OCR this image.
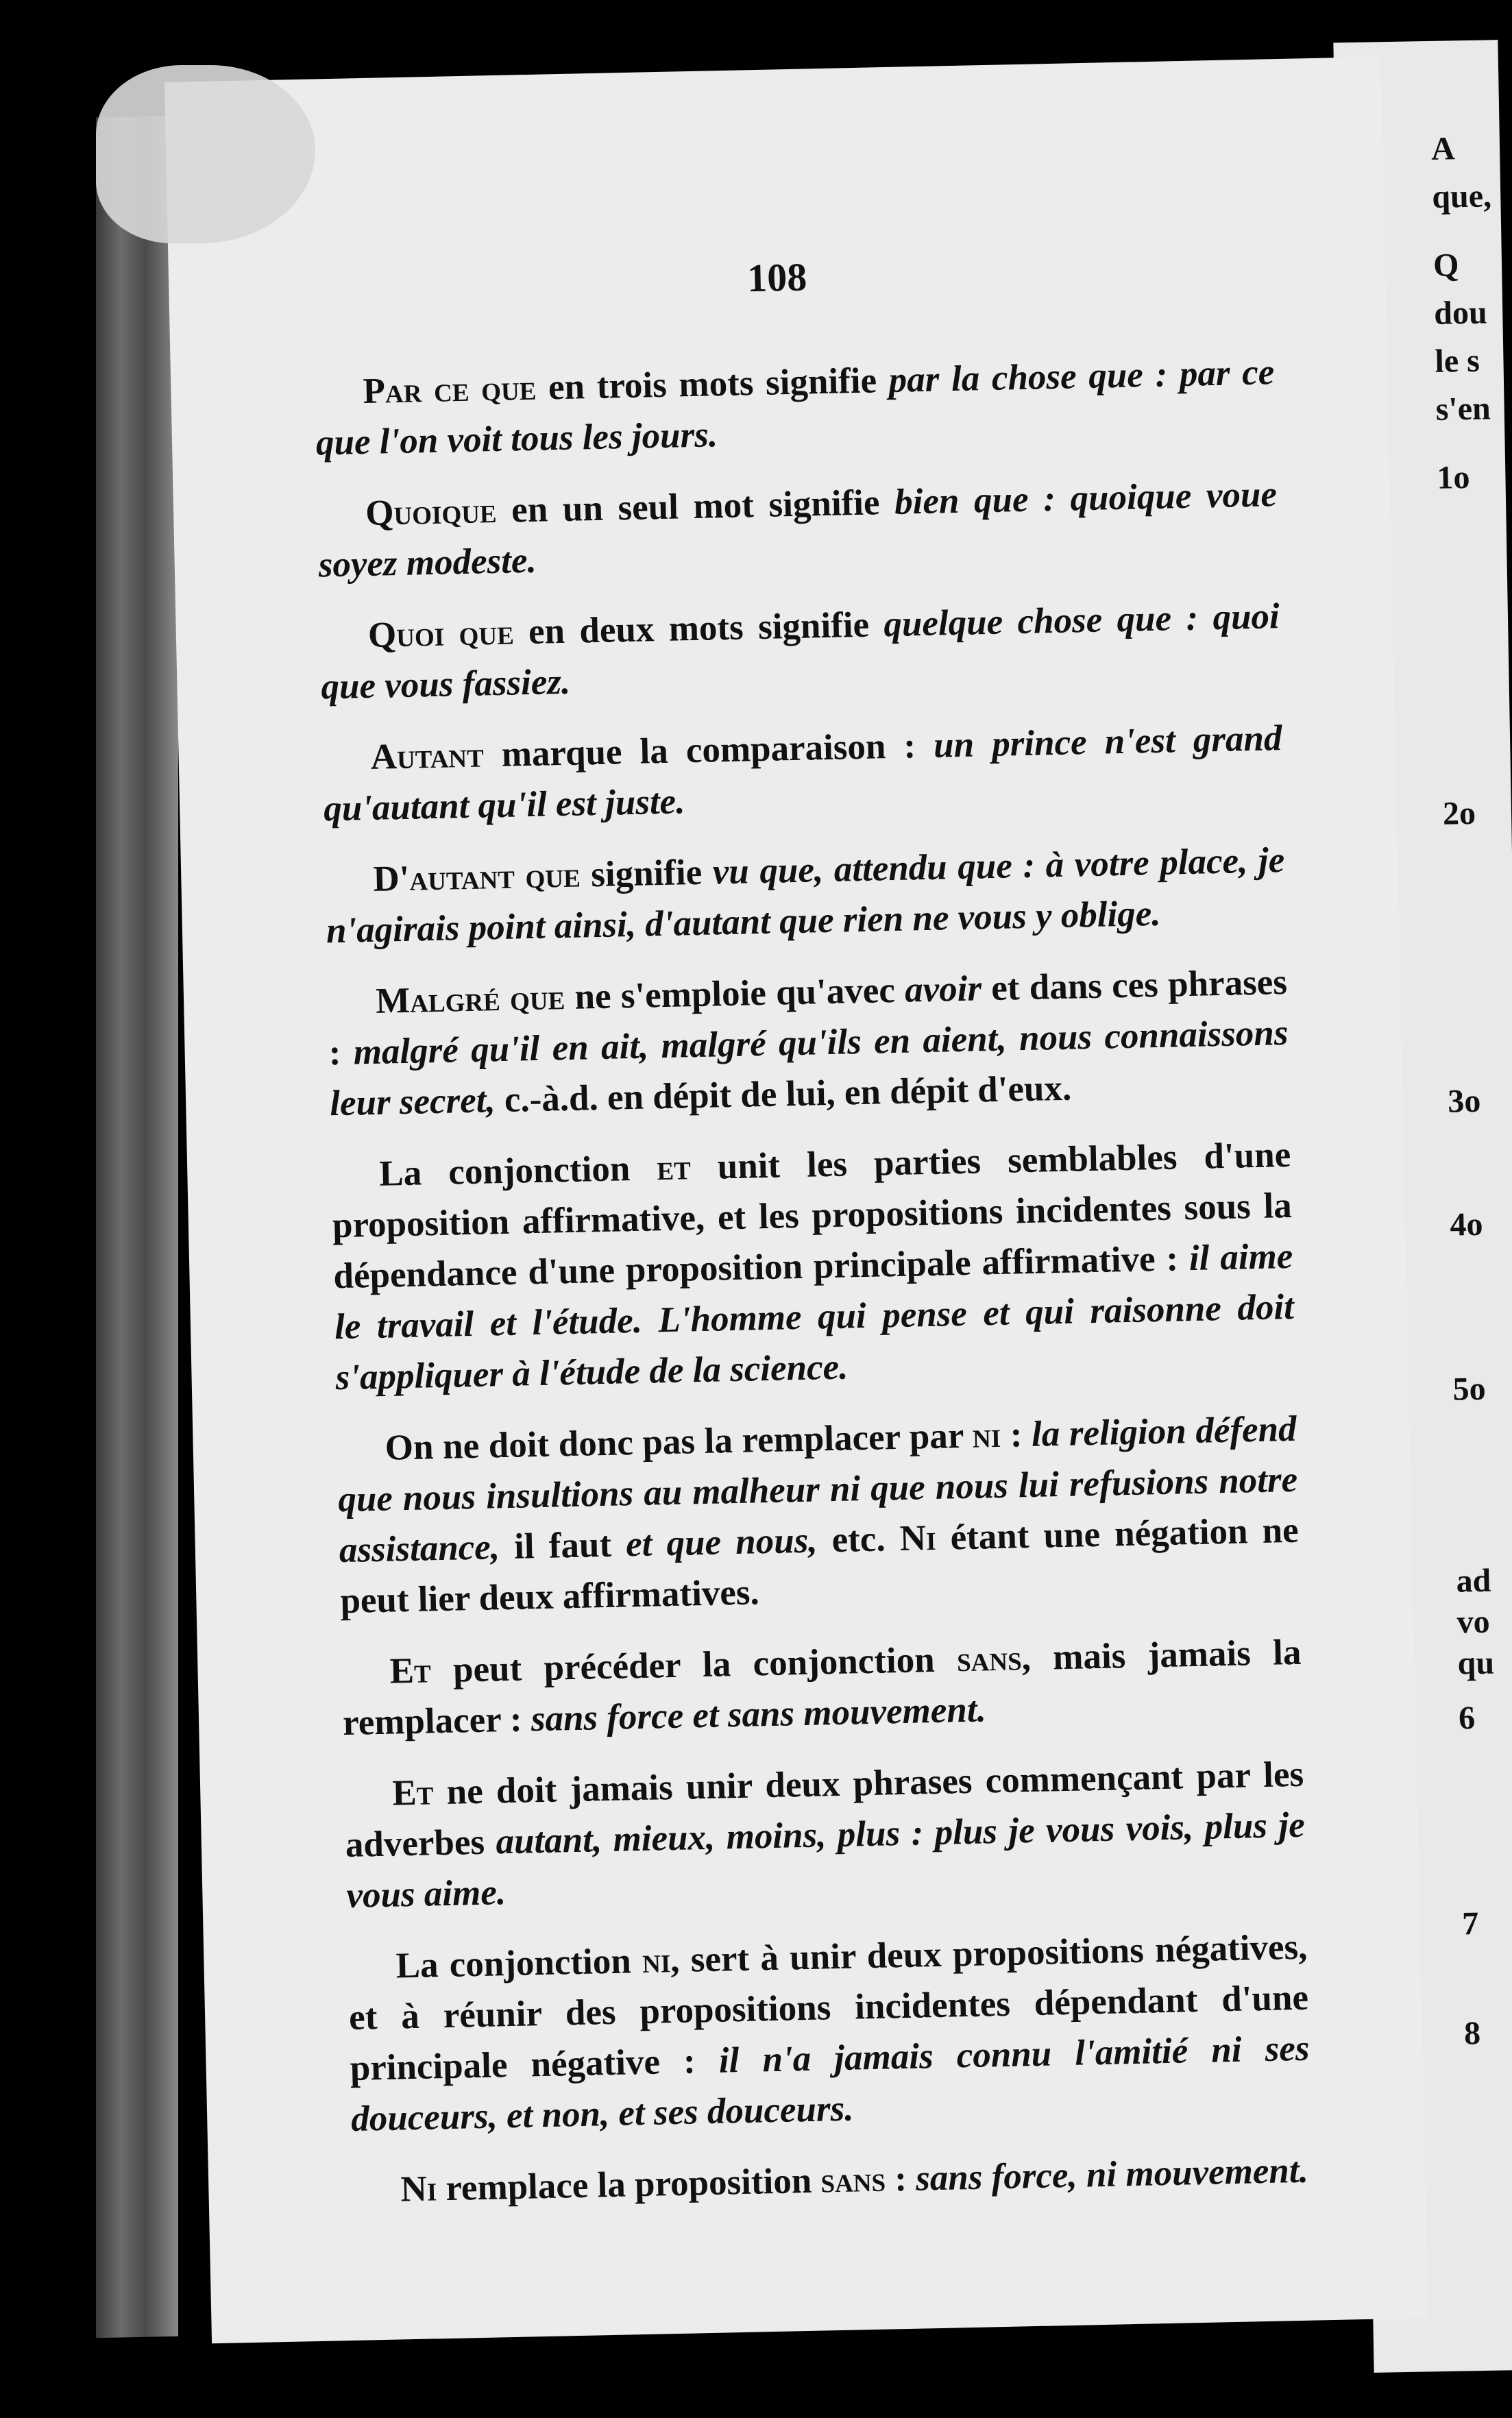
A
que,
Q
dou
le s
s'en
1o
2o
3o
4o
5o
ad
vo
qu
6
7
8
108

Par ce que en trois mots signifie par la chose que : par ce que l'on voit tous les jours.

Quoique en un seul mot signifie bien que : quoique voue soyez modeste.

Quoi que en deux mots signifie quelque chose que : quoi que vous fassiez.

Autant marque la comparaison : un prince n'est grand qu'autant qu'il est juste.

D'autant que signifie vu que, attendu que : à votre place, je n'agirais point ainsi, d'autant que rien ne vous y oblige.

Malgré que ne s'emploie qu'avec avoir et dans ces phrases : malgré qu'il en ait, malgré qu'ils en aient, nous connaissons leur secret, c.-à.d. en dépit de lui, en dépit d'eux.

La conjonction et unit les parties semblables d'une proposition affirmative, et les propositions incidentes sous la dépendance d'une proposition principale affirmative : il aime le travail et l'étude. L'homme qui pense et qui raisonne doit s'appliquer à l'étude de la science.

On ne doit donc pas la remplacer par ni : la religion défend que nous insultions au malheur ni que nous lui refusions notre assistance, il faut et que nous, etc. Ni étant une négation ne peut lier deux affirmatives.

Et peut précéder la conjonction sans, mais jamais la remplacer : sans force et sans mouvement.

Et ne doit jamais unir deux phrases commençant par les adverbes autant, mieux, moins, plus : plus je vous vois, plus je vous aime.

La conjonction ni, sert à unir deux propositions négatives, et à réunir des propositions incidentes dépendant d'une principale négative : il n'a jamais connu l'amitié ni ses douceurs, et non, et ses douceurs.

Ni remplace la proposition sans : sans force, ni mouvement.
